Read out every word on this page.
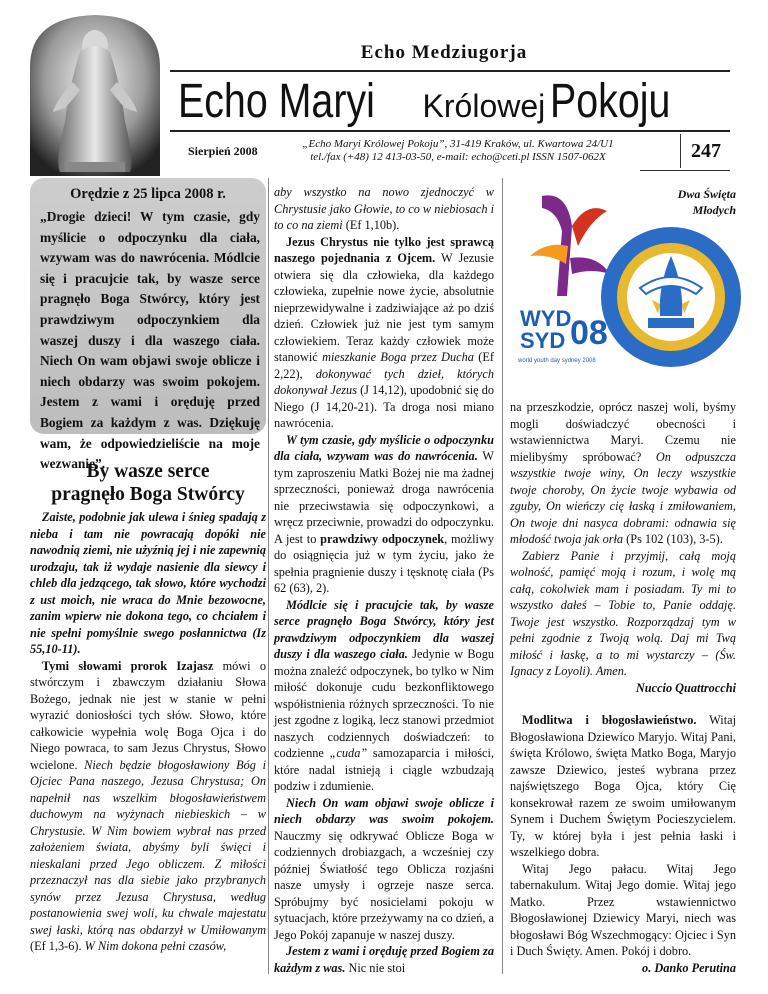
Echo Medziugorja
Echo Maryi Królowej Pokoju
Sierpień 2008	„Echo Maryi Królowej Pokoju”, 31-419 Kraków, ul. Kwartowa 24/U1
tel./fax (+48) 12 413-03-50, e-mail: echo@ceti.pl ISSN 1507-062X	247
Orędzie z 25 lipca 2008 r.
„Drogie dzieci! W tym czasie, gdy myślicie o odpoczynku dla ciała, wzywam was do nawrócenia. Módlcie się i pracujcie tak, by wasze serce pragnęło Boga Stwórcy, który jest prawdziwym odpoczynkiem dla waszej duszy i dla waszego ciała. Niech On wam objawi swoje oblicze i niech obdarzy was swoim pokojem. Jestem z wami i oręduję przed Bogiem za każdym z was. Dziękuję wam, że odpowiedzieliście na moje wezwanie”.
By wasze serce
pragnęło Boga Stwórcy

Zaiste, podobnie jak ulewa i śnieg spadają z nieba i tam nie powracają dopóki nie nawodnią ziemi, nie użyźnią jej i nie zapewnią urodzaju, tak iż wydaje nasienie dla siewcy i chleb dla jedzącego, tak słowo, które wychodzi z ust moich, nie wraca do Mnie bezowocne, zanim wpierw nie dokona tego, co chciałem i nie spełni pomyślnie swego posłannictwa (Iz 55,10-11).

Tymi słowami prorok Izajasz mówi o stwórczym i zbawczym działaniu Słowa Bożego, jednak nie jest w stanie w pełni wyrazić doniosłości tych słów. Słowo, które całkowicie wypełnia wolę Boga Ojca i do Niego powraca, to sam Jezus Chrystus, Słowo wcielone. Niech będzie błogosławiony Bóg i Ojciec Pana naszego, Jezusa Chrystusa; On napełnił nas wszelkim błogosławieństwem duchowym na wyżynach niebieskich – w Chrystusie. W Nim bowiem wybrał nas przed założeniem świata, abyśmy byli święci i nieskalani przed Jego obliczem. Z miłości przeznaczył nas dla siebie jako przybranych synów przez Jezusa Chrystusa, według postanowienia swej woli, ku chwale majestatu swej łaski, którą nas obdarzył w Umiłowanym (Ef 1,3-6). W Nim dokona pełni czasów,

aby wszystko na nowo zjednoczyć w Chrystusie jako Głowie, to co w niebiosach i to co na ziemi (Ef 1,10b).

Jezus Chrystus nie tylko jest sprawcą naszego pojednania z Ojcem. W Jezusie otwiera się dla człowieka, dla każdego człowieka, zupełnie nowe życie, absolutnie nieprzewidywalne i zadziwiające aż po dziś dzień. Człowiek już nie jest tym samym człowiekiem. Teraz każdy człowiek może stanowić mieszkanie Boga przez Ducha (Ef 2,22), dokonywać tych dzieł, których dokonywał Jezus (J 14,12), upodobnić się do Niego (J 14,20-21). Ta droga nosi miano nawrócenia.

W tym czasie, gdy myślicie o odpoczynku dla ciała, wzywam was do nawrócenia. W tym zaproszeniu Matki Bożej nie ma żadnej sprzeczności, ponieważ droga nawrócenia nie przeciwstawia się odpoczynkowi, a wręcz przeciwnie, prowadzi do odpoczynku. A jest to prawdziwy odpoczynek, możliwy do osiągnięcia już w tym życiu, jako że spełnia pragnienie duszy i tęsknotę ciała (Ps 62 (63), 2).

Módlcie się i pracujcie tak, by wasze serce pragnęło Boga Stwórcy, który jest prawdziwym odpoczynkiem dla waszej duszy i dla waszego ciała. Jedynie w Bogu można znaleźć odpoczynek, bo tylko w Nim miłość dokonuje cudu bezkonfliktowego współistnienia różnych sprzeczności. To nie jest zgodne z logiką, lecz stanowi przedmiot naszych codziennych doświadczeń: to codzienne „cuda” samozaparcia i miłości, które nadal istnieją i ciągle wzbudzają podziw i zdumienie.

Niech On wam objawi swoje oblicze i niech obdarzy was swoim pokojem. Nauczmy się odkrywać Oblicze Boga w codziennych drobiazgach, a wcześniej czy później Światłość tego Oblicza rozjaśni nasze umysły i ogrzeje nasze serca. Spróbujmy być nosicielami pokoju w sytuacjach, które przeżywamy na co dzień, a Jego Pokój zapanuje w naszej duszy.

Jestem z wami i oręduję przed Bogiem za każdym z was. Nic nie stoi

WYD
SYD 08
world youth day sydney 2008
Dwa Święta
Młodych

na przeszkodzie, oprócz naszej woli, byśmy mogli doświadczyć obecności i wstawiennictwa Maryi. Czemu nie mielibyśmy spróbować? On odpuszcza wszystkie twoje winy, On leczy wszystkie twoje choroby, On życie twoje wybawia od zguby, On wieńczy cię łaską i zmiłowaniem, On twoje dni nasyca dobrami: odnawia się młodość twoja jak orła (Ps 102 (103), 3-5).

Zabierz Panie i przyjmij, całą moją wolność, pamięć moją i rozum, i wolę mą całą, cokolwiek mam i posiadam. Ty mi to wszystko dałeś – Tobie to, Panie oddaję. Twoje jest wszystko. Rozporządzaj tym w pełni zgodnie z Twoją wolą. Daj mi Twą miłość i łaskę, a to mi wystarczy – (Św. Ignacy z Loyoli). Amen.

Nuccio Quattrocchi

Modlitwa i błogosławieństwo. Witaj Błogosławiona Dziewico Maryjo. Witaj Pani, święta Królowo, święta Matko Boga, Maryjo zawsze Dziewico, jesteś wybrana przez najświętszego Boga Ojca, który Cię konsekrował razem ze swoim umiłowanym Synem i Duchem Świętym Pocieszycielem. Ty, w której była i jest pełnia łaski i wszelkiego dobra.

Witaj Jego pałacu. Witaj Jego tabernakulum. Witaj Jego domie. Witaj jego Matko. Przez wstawiennictwo Błogosławionej Dziewicy Maryi, niech was błogosławi Bóg Wszechmogący: Ojciec i Syn i Duch Święty. Amen. Pokój i dobro.

o. Danko Perutina
